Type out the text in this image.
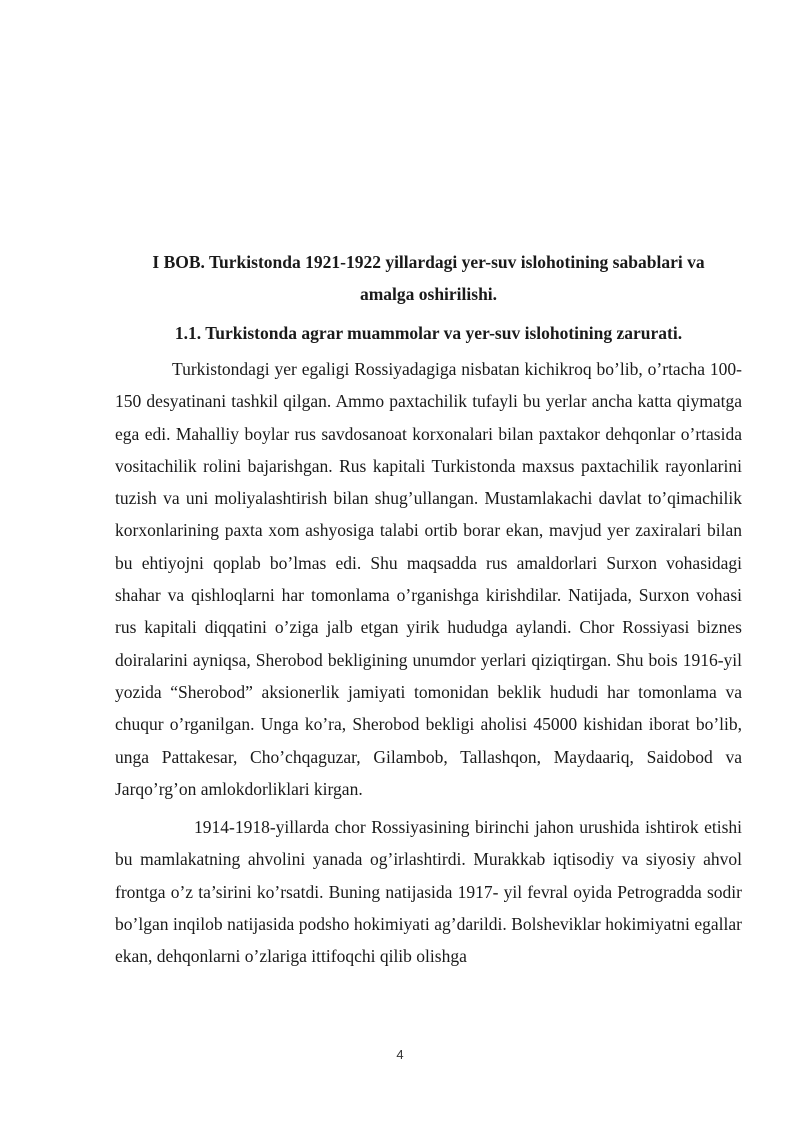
I BOB. Turkistonda 1921-1922 yillardagi yer-suv islohotining sabablari va
amalga oshirilishi.

1.1. Turkistonda agrar muammolar va yer-suv islohotining zarurati.

Turkistondagi yer egaligi Rossiyadagiga nisbatan kichikroq bo’lib, o’rtacha 100-150 desyatinani tashkil qilgan. Ammo paxtachilik tufayli bu yerlar ancha katta qiymatga ega edi. Mahalliy boylar rus savdosanoat korxonalari bilan paxtakor dehqonlar o’rtasida vositachilik rolini bajarishgan. Rus kapitali Turkistonda maxsus paxtachilik rayonlarini tuzish va uni moliyalashtirish bilan shug’ullangan. Mustamlakachi davlat to’qimachilik korxonlarining paxta xom ashyosiga talabi ortib borar ekan, mavjud yer zaxiralari bilan bu ehtiyojni qoplab bo’lmas edi. Shu maqsadda rus amaldorlari Surxon vohasidagi shahar va qishloqlarni har tomonlama o’rganishga kirishdilar. Natijada, Surxon vohasi rus kapitali diqqatini o’ziga jalb etgan yirik hududga aylandi. Chor Rossiyasi biznes doiralarini ayniqsa, Sherobod bekligining unumdor yerlari qiziqtirgan. Shu bois 1916-yil yozida “Sherobod” aksionerlik jamiyati tomonidan beklik hududi har tomonlama va chuqur o’rganilgan. Unga ko’ra, Sherobod bekligi aholisi 45000 kishidan iborat bo’lib, unga Pattakesar, Cho’chqaguzar, Gilambob, Tallashqon, Maydaariq, Saidobod va Jarqo’rg’on amlokdorliklari kirgan.

1914-1918-yillarda chor Rossiyasining birinchi jahon urushida ishtirok etishi bu mamlakatning ahvolini yanada og’irlashtirdi. Murakkab iqtisodiy va siyosiy ahvol frontga o’z ta’sirini ko’rsatdi. Buning natijasida 1917- yil fevral oyida Petrogradda sodir bo’lgan inqilob natijasida podsho hokimiyati ag’darildi. Bolsheviklar hokimiyatni egallar ekan, dehqonlarni o’zlariga ittifoqchi qilib olishga

4
